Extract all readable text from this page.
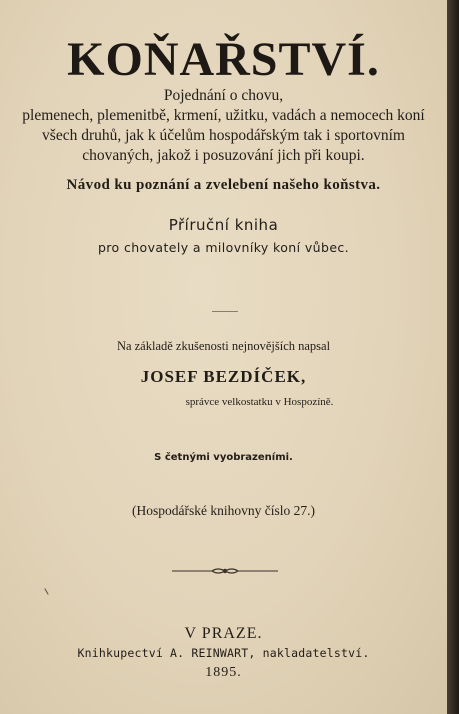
KOŇAŘSTVÍ.

Pojednání o chovu,

plemenech, plemenitbě, krmení, užitku, vadách a nemocech koní

všech druhů, jak k účelům hospodářským tak i sportovním

chovaných, jakož i posuzování jich při koupi.

Návod ku poznání a zvelebení našeho koňstva.

Příruční kniha

pro chovately a milovníky koní vůbec.

Na základě zkušenosti nejnovějších napsal

JOSEF BEZDÍČEK,

správce velkostatku v Hospozíně.

S četnými vyobrazeními.

(Hospodářské knihovny číslo 27.)

V PRAZE.

Knihkupectví A. REINWART, nakladatelství.

1895.
